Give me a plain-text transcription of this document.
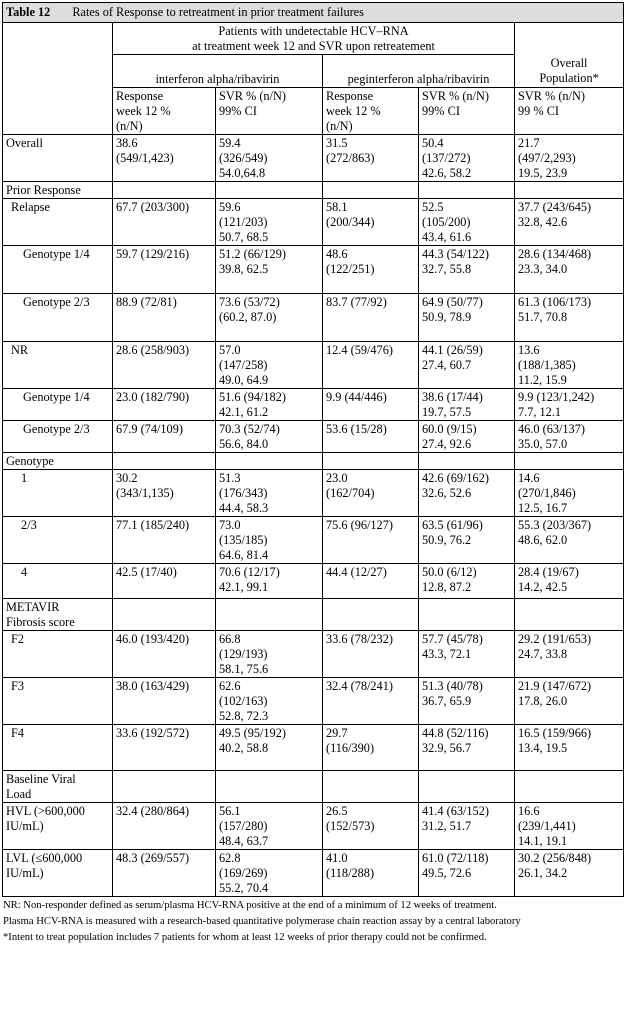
Table 12 Rates of Response to retreatment in prior treatment failures					

	Patients with undetectable HCV–RNA
at treatment week 12 and SVR upon retreatement				

	interferon alpha/ribavirin		peginterferon alpha/ribavirin		Overall
Population*

	Response
week 12 %
(n/N)	SVR % (n/N)
99% CI	Response
week 12 %
(n/N)	SVR % (n/N)
99% CI	SVR % (n/N)
99 % CI

Overall	38.6
(549/1,423)	59.4
(326/549)
54.0,64.8	31.5
(272/863)	50.4
(137/272)
42.6, 58.2	21.7
(497/2,293)
19.5, 23.9

Prior Response					

Relapse	67.7 (203/300)	59.6
(121/203)
50.7, 68.5	58.1
(200/344)	52.5
(105/200)
43.4, 61.6	37.7 (243/645)
32.8, 42.6

Genotype 1/4	59.7 (129/216)	51.2 (66/129)
39.8, 62.5	48.6
(122/251)	44.3 (54/122)
32.7, 55.8	28.6 (134/468)
23.3, 34.0

Genotype 2/3	88.9 (72/81)	73.6 (53/72)
(60.2, 87.0)	83.7 (77/92)	64.9 (50/77)
50.9, 78.9	61.3 (106/173)
51.7, 70.8

NR	28.6 (258/903)	57.0
(147/258)
49.0, 64.9	12.4 (59/476)	44.1 (26/59)
27.4, 60.7	13.6
(188/1,385)
11.2, 15.9

Genotype 1/4	23.0 (182/790)	51.6 (94/182)
42.1, 61.2	9.9 (44/446)	38.6 (17/44)
19.7, 57.5	9.9 (123/1,242)
7.7, 12.1

Genotype 2/3	67.9 (74/109)	70.3 (52/74)
56.6, 84.0	53.6 (15/28)	60.0 (9/15)
27.4, 92.6	46.0 (63/137)
35.0, 57.0

Genotype					

1	30.2
(343/1,135)	51.3
(176/343)
44.4, 58.3	23.0
(162/704)	42.6 (69/162)
32.6, 52.6	14.6
(270/1,846)
12.5, 16.7

2/3	77.1 (185/240)	73.0
(135/185)
64.6, 81.4	75.6 (96/127)	63.5 (61/96)
50.9, 76.2	55.3 (203/367)
48.6, 62.0

4	42.5 (17/40)	70.6 (12/17)
42.1, 99.1	44.4 (12/27)	50.0 (6/12)
12.8, 87.2	28.4 (19/67)
14.2, 42.5

METAVIR
Fibrosis score					

F2	46.0 (193/420)	66.8
(129/193)
58.1, 75.6	33.6 (78/232)	57.7 (45/78)
43.3, 72.1	29.2 (191/653)
24.7, 33.8

F3	38.0 (163/429)	62.6
(102/163)
52.8, 72.3	32.4 (78/241)	51.3 (40/78)
36.7, 65.9	21.9 (147/672)
17.8, 26.0

F4	33.6 (192/572)	49.5 (95/192)
40.2, 58.8	29.7
(116/390)	44.8 (52/116)
32.9, 56.7	16.5 (159/966)
13.4, 19.5

Baseline Viral
Load					

HVL (>600,000
IU/mL)	32.4 (280/864)	56.1
(157/280)
48.4, 63.7	26.5
(152/573)	41.4 (63/152)
31.2, 51.7	16.6
(239/1,441)
14.1, 19.1

LVL (≤600,000
IU/mL)	48.3 (269/557)	62.8
(169/269)
55.2, 70.4	41.0
(118/288)	61.0 (72/118)
49.5, 72.6	30.2 (256/848)
26.1, 34.2
NR: Non-responder defined as serum/plasma HCV-RNA positive at the end of a minimum of 12 weeks of treatment.
Plasma HCV-RNA is measured with a research-based quantitative polymerase chain reaction assay by a central laboratory
*Intent to treat population includes 7 patients for whom at least 12 weeks of prior therapy could not be confirmed.
